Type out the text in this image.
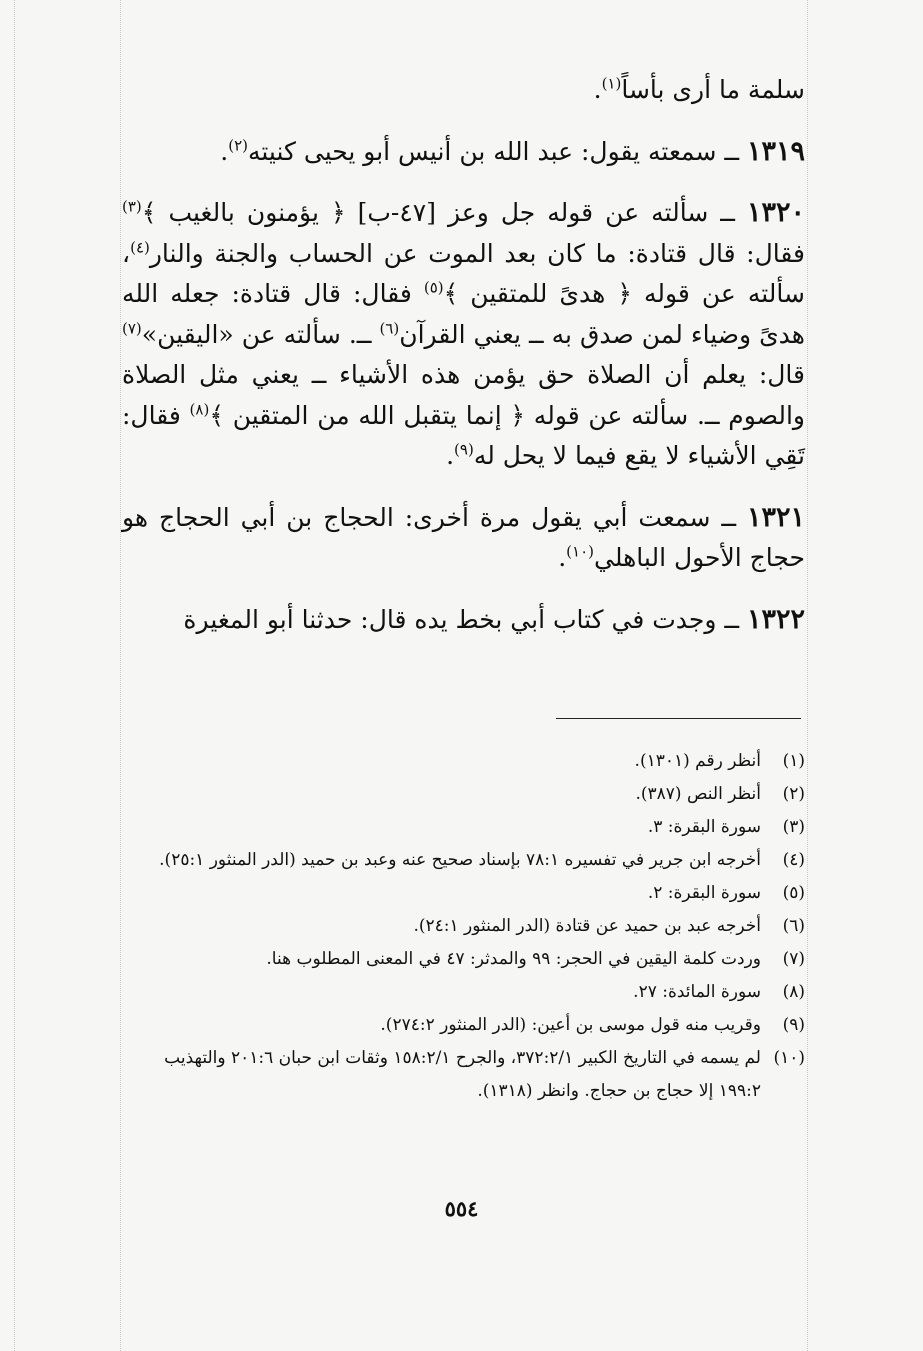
سلمة ما أرى بأساً$^{(١)}$.

١٣١٩ ــ سمعته يقول: عبد الله بن أنيس أبو يحيى كنيته$^{(٢)}$.

١٣٢٠ ــ سألته عن قوله جل وعز [٤٧-ب] ﴿ يؤمنون بالغيب ﴾$^{(٣)}$ فقال: قال قتادة: ما كان بعد الموت عن الحساب والجنة والنار$^{(٤)}$، سألته عن قوله ﴿ هدىً للمتقين ﴾$^{(٥)}$ فقال: قال قتادة: جعله الله هدىً وضياء لمن صدق به ــ يعني القرآن$^{(٦)}$ ــ. سألته عن «اليقين»$^{(٧)}$ قال: يعلم أن الصلاة حق يؤمن هذه الأشياء ــ يعني مثل الصلاة والصوم ــ. سألته عن قوله ﴿ إنما يتقبل الله من المتقين ﴾$^{(٨)}$ فقال: تَقِي الأشياء لا يقع فيما لا يحل له$^{(٩)}$.

١٣٢١ ــ سمعت أبي يقول مرة أخرى: الحجاج بن أبي الحجاج هو حجاج الأحول الباهلي$^{(١٠)}$.

١٣٢٢ ــ وجدت في كتاب أبي بخط يده قال: حدثنا أبو المغيرة

(١)
أنظر رقم (١٣٠١).
(٢)
أنظر النص (٣٨٧).
(٣)
سورة البقرة: ٣.
(٤)
أخرجه ابن جرير في تفسيره ٧٨:١ بإسناد صحيح عنه وعبد بن حميد (الدر المنثور ٢٥:١).
(٥)
سورة البقرة: ٢.
(٦)
أخرجه عبد بن حميد عن قتادة (الدر المنثور ٢٤:١).
(٧)
وردت كلمة اليقين في الحجر: ٩٩ والمدثر: ٤٧ في المعنى المطلوب هنا.
(٨)
سورة المائدة: ٢٧.
(٩)
وقريب منه قول موسى بن أعين: (الدر المنثور ٢٧٤:٢).
(١٠)
لم يسمه في التاريخ الكبير ٣٧٢:٢/١، والجرح ١٥٨:٢/١ وثقات ابن حبان ٢٠١:٦ والتهذيب ١٩٩:٢ إلا حجاج بن حجاج. وانظر (١٣١٨).
٥٥٤
